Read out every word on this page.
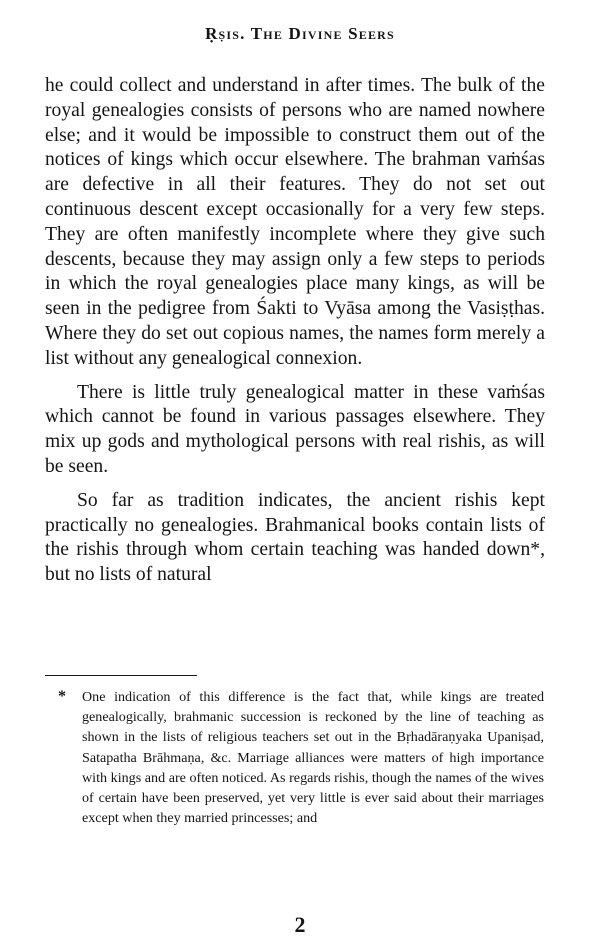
Ṛṣis. The Divine Seers

he could collect and understand in after times. The bulk of the royal genealogies consists of persons who are named nowhere else; and it would be impossible to construct them out of the notices of kings which occur elsewhere. The brahman vaṁśas are defective in all their features. They do not set out continuous descent except occasionally for a very few steps. They are often manifestly incomplete where they give such descents, because they may assign only a few steps to periods in which the royal genealogies place many kings, as will be seen in the pedigree from Śakti to Vyāsa among the Vasiṣṭhas. Where they do set out copious names, the names form merely a list without any genealogical connexion.

There is little truly genealogical matter in these vaṁśas which cannot be found in various passages elsewhere. They mix up gods and mythological persons with real rishis, as will be seen.

So far as tradition indicates, the ancient rishis kept practically no genealogies. Brahmanical books contain lists of the rishis through whom certain teaching was handed down*, but no lists of natural

* One indication of this difference is the fact that, while kings are treated genealogically, brahmanic succession is reckoned by the line of teaching as shown in the lists of religious teachers set out in the Bṛhadāraṇyaka Upaniṣad, Satapatha Brāhmaṇa, &c. Marriage alliances were matters of high importance with kings and are often noticed. As regards rishis, though the names of the wives of certain have been preserved, yet very little is ever said about their marriages except when they married princesses; and
2
